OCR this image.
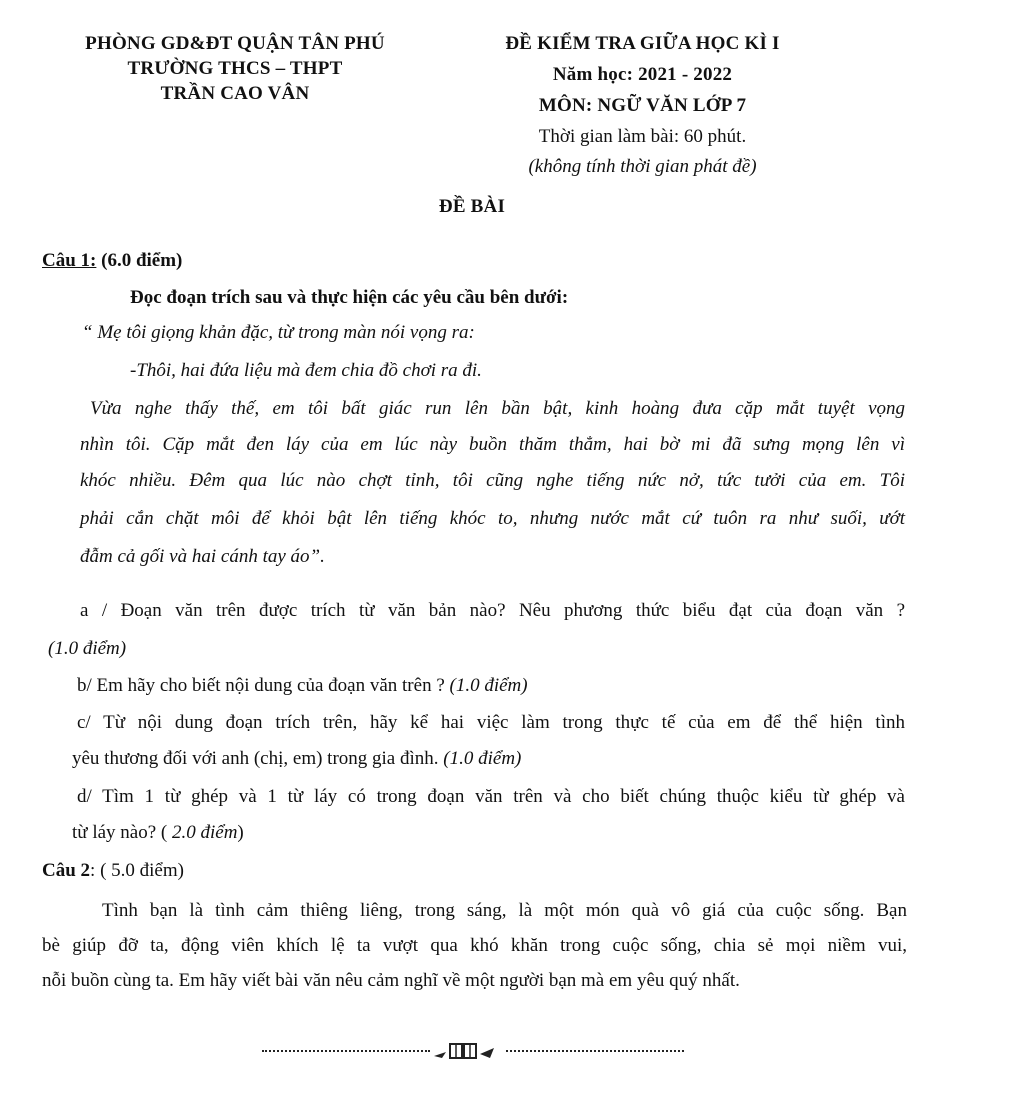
PHÒNG GD&ĐT QUẬN TÂN PHÚ
TRƯỜNG THCS – THPT
TRẦN CAO VÂN
ĐỀ KIỂM TRA GIỮA HỌC KÌ I
Năm học: 2021 - 2022
MÔN: NGỮ VĂN LỚP 7
Thời gian làm bài: 60 phút.
(không tính thời gian phát đề)
ĐỀ BÀI
Câu 1: (6.0 điểm)
Đọc đoạn trích sau và thực hiện các yêu cầu bên dưới:
“ Mẹ tôi giọng khản đặc, từ trong màn nói vọng ra:
-Thôi, hai đứa liệu mà đem chia đồ chơi ra đi.
Vừa nghe thấy thế, em tôi bất giác run lên bần bật, kinh hoàng đưa cặp mắt tuyệt vọng
nhìn tôi. Cặp mắt đen láy của em lúc này buồn thăm thẳm, hai bờ mi đã sưng mọng lên vì
khóc nhiều. Đêm qua lúc nào chợt tỉnh, tôi cũng nghe tiếng nức nở, tức tưởi của em. Tôi
phải cắn chặt môi để khỏi bật lên tiếng khóc to, nhưng nước mắt cứ tuôn ra như suối, ướt
đẫm cả gối và hai cánh tay áo”.
a / Đoạn văn trên được trích từ văn bản nào? Nêu phương thức biểu đạt của đoạn văn ?
(1.0 điểm)
b/ Em hãy cho biết nội dung của đoạn văn trên ? (1.0 điểm)
c/ Từ nội dung đoạn trích trên, hãy kể hai việc làm trong thực tế của em để thể hiện tình
yêu thương đối với anh (chị, em) trong gia đình. (1.0 điểm)
d/ Tìm 1 từ ghép và 1 từ láy có trong đoạn văn trên và cho biết chúng thuộc kiểu từ ghép và
từ láy nào? ( 2.0 điểm)
Câu 2: ( 5.0 điểm)
Tình bạn là tình cảm thiêng liêng, trong sáng, là một món quà vô giá của cuộc sống. Bạn
bè giúp đỡ ta, động viên khích lệ ta vượt qua khó khăn trong cuộc sống, chia sẻ mọi niềm vui,
nỗi buồn cùng ta. Em hãy viết bài văn nêu cảm nghĩ về một người bạn mà em yêu quý nhất.
